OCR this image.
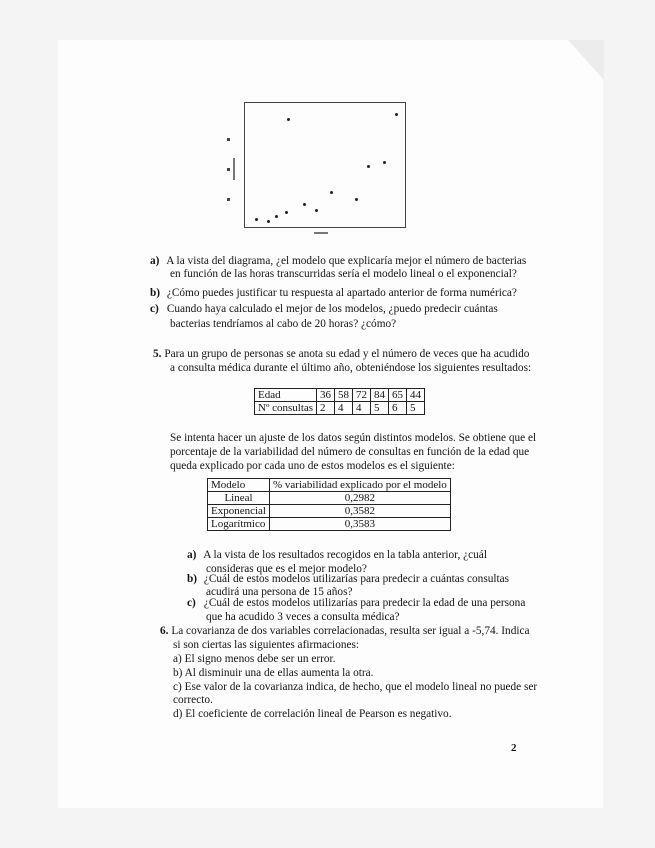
a) A la vista del diagrama, ¿el modelo que explicaría mejor el número de bacterias
en función de las horas transcurridas sería el modelo lineal o el exponencial?
b) ¿Cómo puedes justificar tu respuesta al apartado anterior de forma numérica?
c) Cuando haya calculado el mejor de los modelos, ¿puedo predecir cuántas
bacterias tendríamos al cabo de 20 horas? ¿cómo?
5. Para un grupo de personas se anota su edad y el número de veces que ha acudido
a consulta médica durante el último año, obteniéndose los siguientes resultados:
Edad	36	58	72	84	65	44
Nº consultas	2	4	4	5	6	5
Se intenta hacer un ajuste de los datos según distintos modelos. Se obtiene que el
porcentaje de la variabilidad del número de consultas en función de la edad que
queda explicado por cada uno de estos modelos es el siguiente:
Modelo	% variabilidad explicado por el modelo
Lineal	0,2982
Exponencial	0,3582
Logarítmico	0,3583
a) A la vista de los resultados recogidos en la tabla anterior, ¿cuál
consideras que es el mejor modelo?
b) ¿Cuál de estos modelos utilizarías para predecir a cuántas consultas
acudirá una persona de 15 años?
c) ¿Cuál de estos modelos utilizarías para predecir la edad de una persona
que ha acudido 3 veces a consulta médica?
6. La covarianza de dos variables correlacionadas, resulta ser igual a -5,74. Indica
si son ciertas las siguientes afirmaciones:
a) El signo menos debe ser un error.
b) Al disminuir una de ellas aumenta la otra.
c) Ese valor de la covarianza indica, de hecho, que el modelo lineal no puede ser
correcto.
d) El coeficiente de correlación lineal de Pearson es negativo.
2
